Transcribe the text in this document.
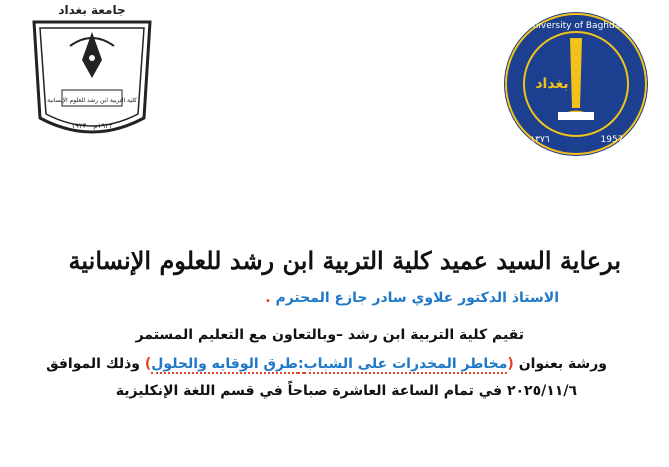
جامعة بغداد
كلية التربية ابن رشد للعلوم الإنسانية
١٩٢٣م - ١٩٢٣
بغداد
University of Baghdad
١٣٧٦	1957
برعاية السيد عميد كلية التربية ابن رشد للعلوم الإنسانية
الاستاذ الدكتور علاوي سادر جازع المحترم .
تقيم كلية التربية ابن رشد –وبالتعاون مع التعليم المستمر
ورشة بعنوان (مخاطر المخدرات على الشباب:طرق الوقايه والحلول) وذلك الموافق
٢٠٢٥/١١/٦ في تمام الساعة العاشرة صباحاً في قسم اللغة الإنكليزية
